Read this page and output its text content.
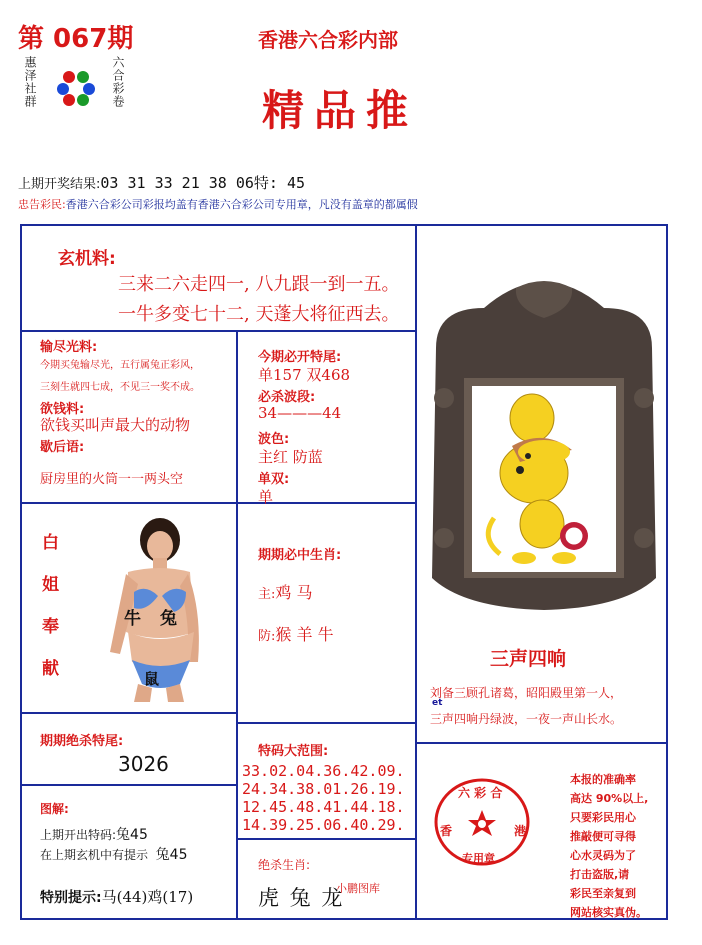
第 067期
惠泽社群	六合彩卷
香港六合彩内部
精品推
上期开奖结果:03 31 33 21 38 06特: 45
忠告彩民:香港六合彩公司彩报均盖有香港六合彩公司专用章，凡没有盖章的都属假
玄机料:
三来二六走四一, 八九跟一到一五。
一牛多变七十二, 天蓬大将征西去。
输尽光料:
今期买兔输尽光，五行属兔正彩风，
三刻生就四七成，不见三一奖不成。
欲钱料:
欲钱买叫声最大的动物
歇后语:
厨房里的火筒一一两头空
今期必开特尾:
单157 双468
必杀波段:
34———44
波色:
主红 防蓝
单双:
单
白
姐
奉
献
牛 兔
鼠
期期必中生肖:
主:鸡 马
防:猴 羊 牛
三声四响
刘备三顾孔诸葛，昭阳殿里第一人，
et
三声四响丹绿波，一夜一声山长水。
期期绝杀特尾:
3026
特码大范围:
33.02.04.36.42.09.
24.34.38.01.26.19.
12.45.48.41.44.18.
14.39.25.06.40.29.
图解:
上期开出特码:兔45
在上期玄机中有提示 兔45
特别提示:马(44)鸡(17)
绝杀生肖:
小鹏图库
虎 兔 龙
六 彩 合
香	港
专用章
本报的准确率
高达 90%以上,
只要彩民用心
推敲便可寻得
心水灵码为了
打击盗版,请
彩民至亲复到
网站核实真伪。
